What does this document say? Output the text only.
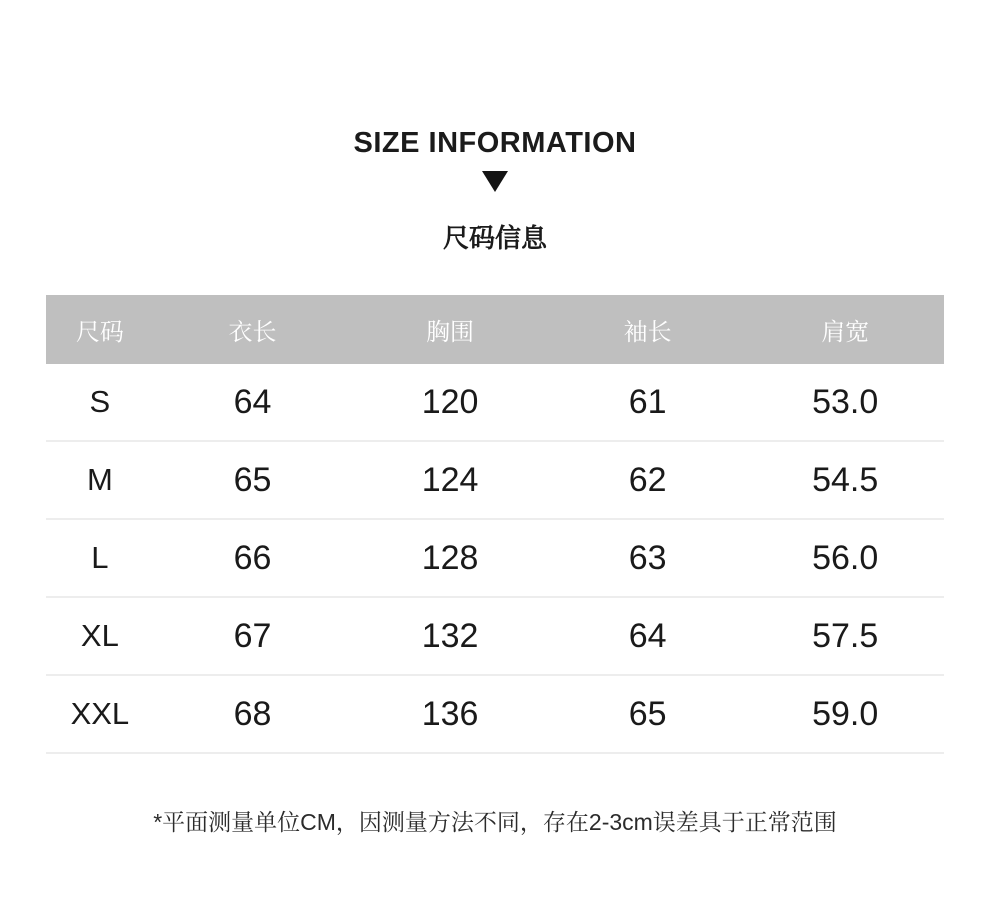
SIZE INFORMATION
尺码信息
尺码	衣长	胸围	袖长	肩宽
S	64	120	61	53.0
M	65	124	62	54.5
L	66	128	63	56.0
XL	67	132	64	57.5
XXL	68	136	65	59.0
*平面测量单位CM，因测量方法不同，存在2-3cm误差具于正常范围
